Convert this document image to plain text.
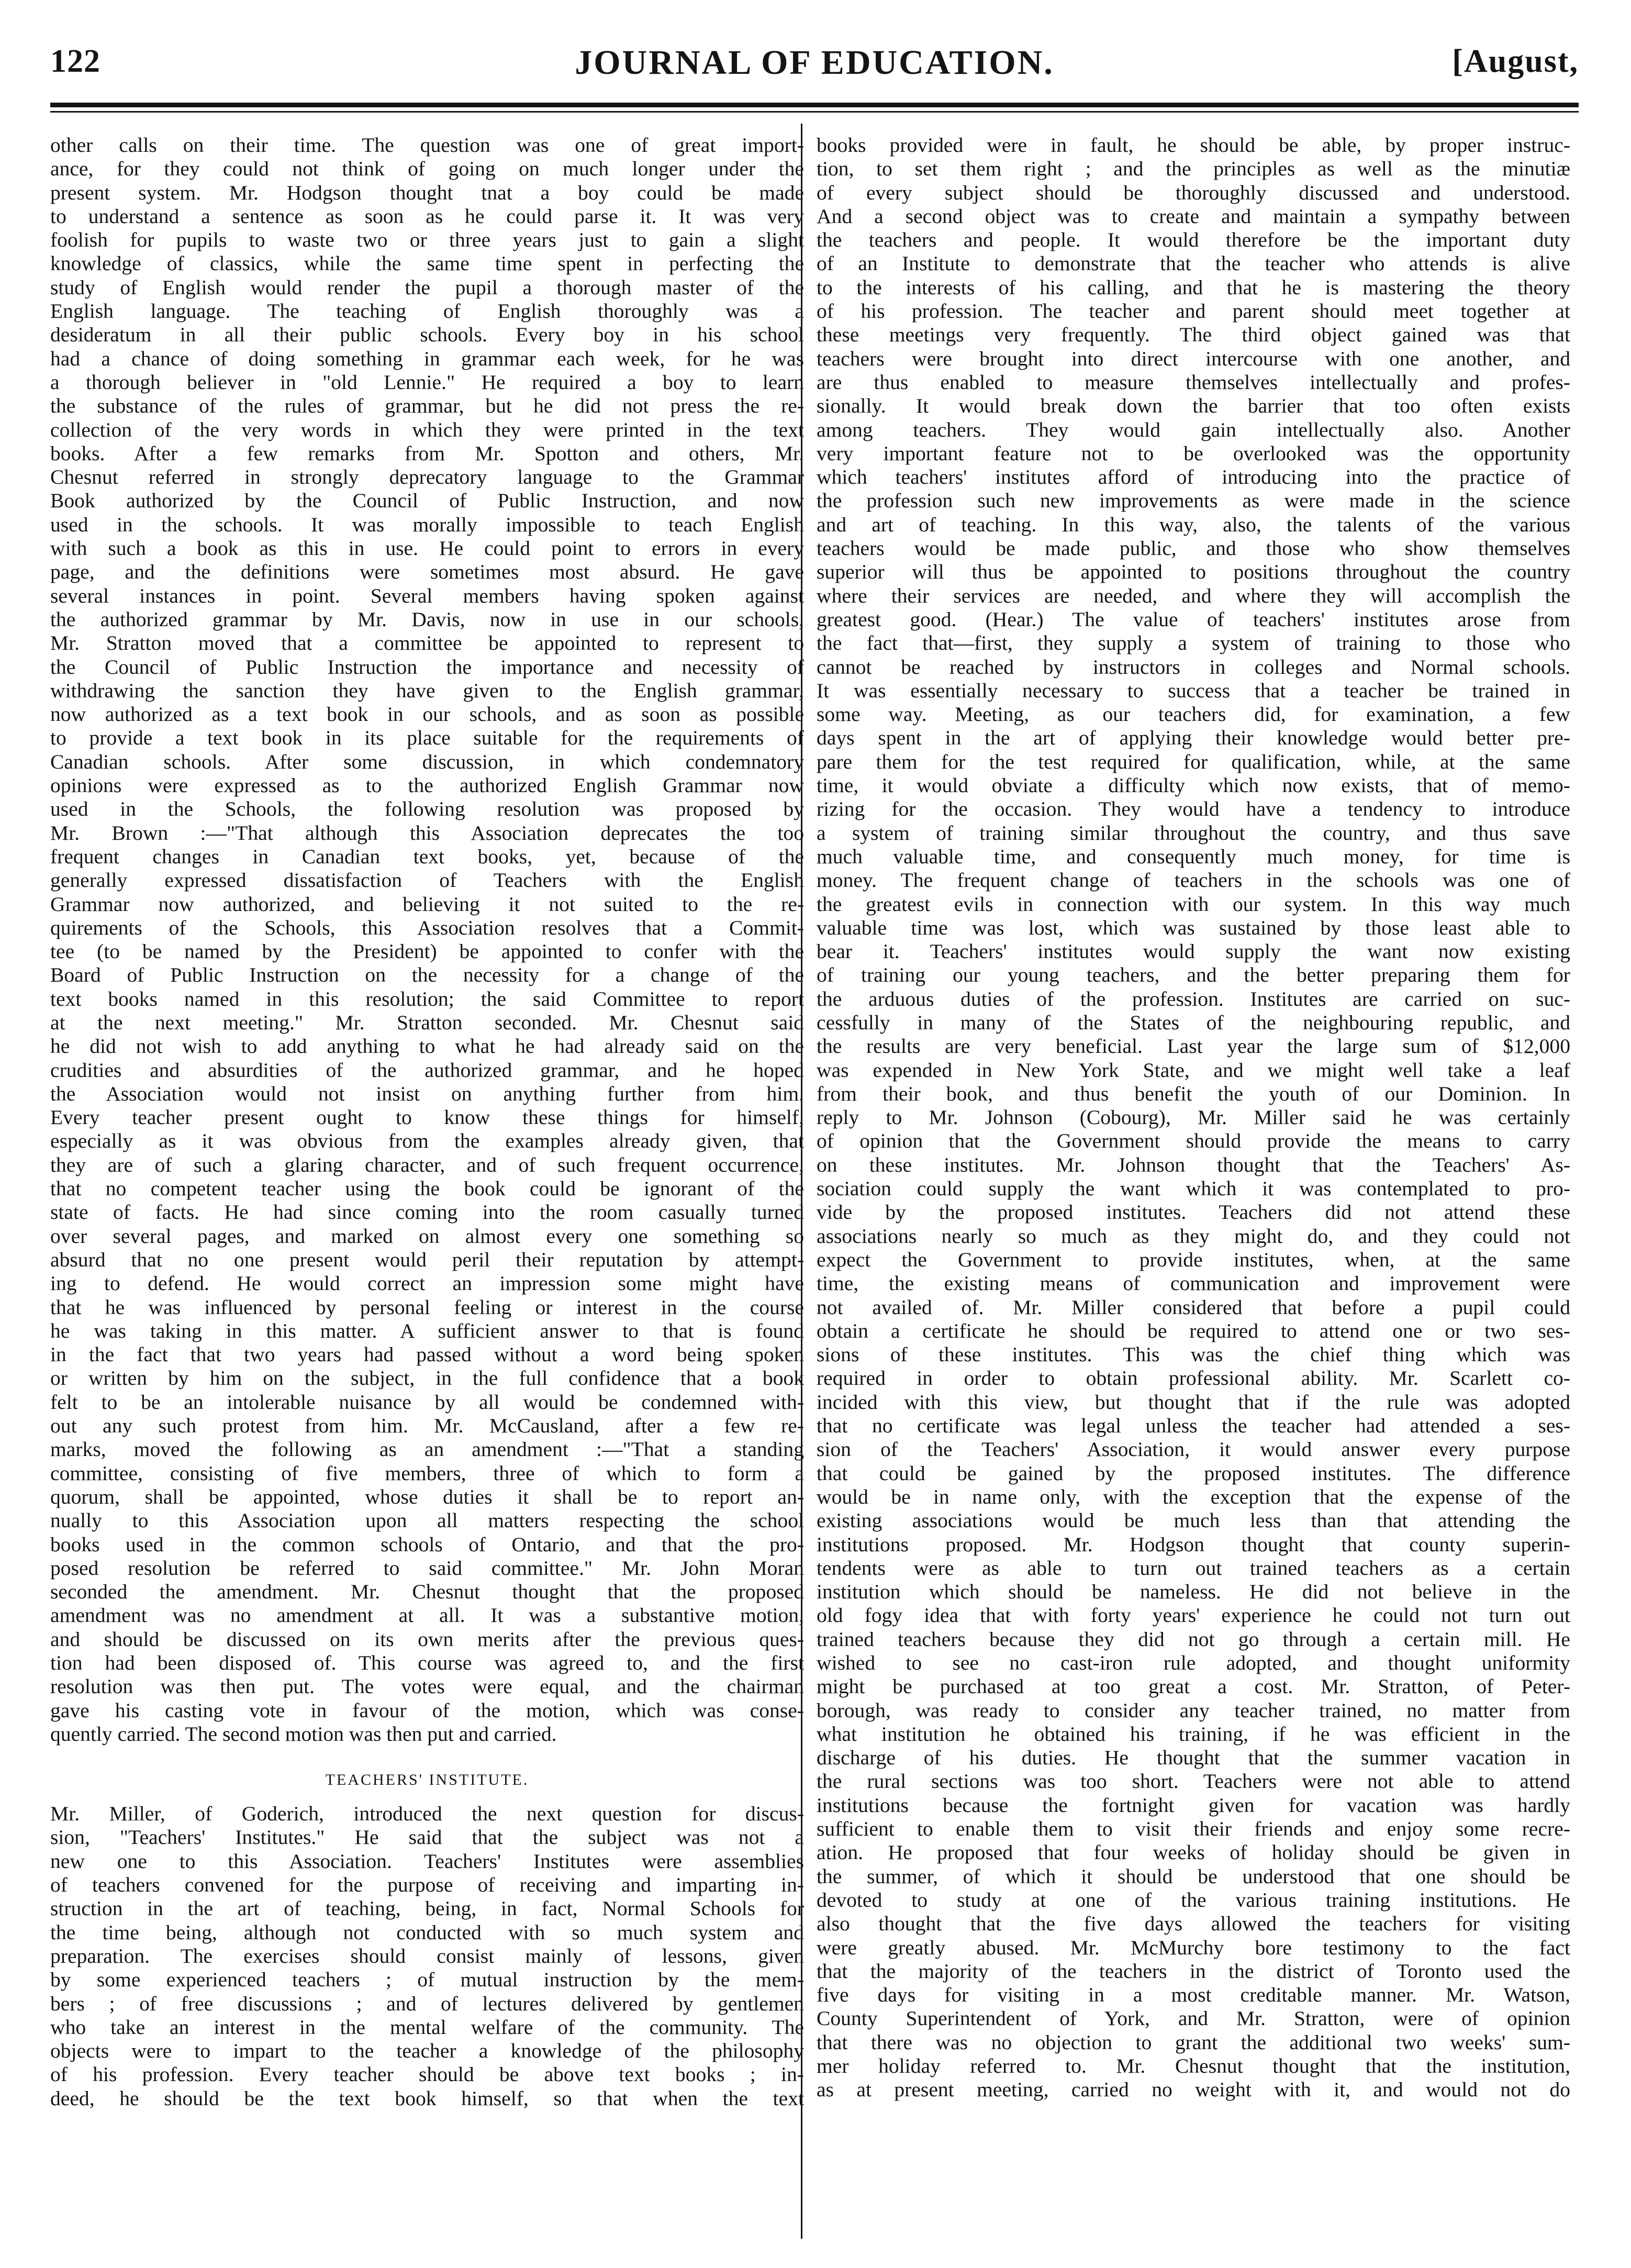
122	JOURNAL OF EDUCATION.	[August,
other calls on their time. The question was one of great import-
ance, for they could not think of going on much longer under the
present system. Mr. Hodgson thought tnat a boy could be made
to understand a sentence as soon as he could parse it. It was very
foolish for pupils to waste two or three years just to gain a slight
knowledge of classics, while the same time spent in perfecting the
study of English would render the pupil a thorough master of the
English language. The teaching of English thoroughly was a
desideratum in all their public schools. Every boy in his school
had a chance of doing something in grammar each week, for he was
a thorough believer in "old Lennie." He required a boy to learn
the substance of the rules of grammar, but he did not press the re-
collection of the very words in which they were printed in the text
books. After a few remarks from Mr. Spotton and others, Mr.
Chesnut referred in strongly deprecatory language to the Grammar
Book authorized by the Council of Public Instruction, and now
used in the schools. It was morally impossible to teach English
with such a book as this in use. He could point to errors in every
page, and the definitions were sometimes most absurd. He gave
several instances in point. Several members having spoken against
the authorized grammar by Mr. Davis, now in use in our schools,
Mr. Stratton moved that a committee be appointed to represent to
the Council of Public Instruction the importance and necessity of
withdrawing the sanction they have given to the English grammar,
now authorized as a text book in our schools, and as soon as possible
to provide a text book in its place suitable for the requirements of
Canadian schools. After some discussion, in which condemnatory
opinions were expressed as to the authorized English Grammar now
used in the Schools, the following resolution was proposed by
Mr. Brown :—"That although this Association deprecates the too
frequent changes in Canadian text books, yet, because of the
generally expressed dissatisfaction of Teachers with the English
Grammar now authorized, and believing it not suited to the re-
quirements of the Schools, this Association resolves that a Commit-
tee (to be named by the President) be appointed to confer with the
Board of Public Instruction on the necessity for a change of the
text books named in this resolution; the said Committee to report
at the next meeting." Mr. Stratton seconded. Mr. Chesnut said
he did not wish to add anything to what he had already said on the
crudities and absurdities of the authorized grammar, and he hoped
the Association would not insist on anything further from him.
Every teacher present ought to know these things for himself,
especially as it was obvious from the examples already given, that
they are of such a glaring character, and of such frequent occurrence,
that no competent teacher using the book could be ignorant of the
state of facts. He had since coming into the room casually turned
over several pages, and marked on almost every one something so
absurd that no one present would peril their reputation by attempt-
ing to defend. He would correct an impression some might have
that he was influenced by personal feeling or interest in the course
he was taking in this matter. A sufficient answer to that is found
in the fact that two years had passed without a word being spoken
or written by him on the subject, in the full confidence that a book
felt to be an intolerable nuisance by all would be condemned with-
out any such protest from him. Mr. McCausland, after a few re-
marks, moved the following as an amendment :—"That a standing
committee, consisting of five members, three of which to form a
quorum, shall be appointed, whose duties it shall be to report an-
nually to this Association upon all matters respecting the school
books used in the common schools of Ontario, and that the pro-
posed resolution be referred to said committee." Mr. John Moran
seconded the amendment. Mr. Chesnut thought that the proposed
amendment was no amendment at all. It was a substantive motion,
and should be discussed on its own merits after the previous ques-
tion had been disposed of. This course was agreed to, and the first
resolution was then put. The votes were equal, and the chairman
gave his casting vote in favour of the motion, which was conse-
quently carried. The second motion was then put and carried.
TEACHERS' INSTITUTE.
Mr. Miller, of Goderich, introduced the next question for discus-
sion, "Teachers' Institutes." He said that the subject was not a
new one to this Association. Teachers' Institutes were assemblies
of teachers convened for the purpose of receiving and imparting in-
struction in the art of teaching, being, in fact, Normal Schools for
the time being, although not conducted with so much system and
preparation. The exercises should consist mainly of lessons, given
by some experienced teachers ; of mutual instruction by the mem-
bers ; of free discussions ; and of lectures delivered by gentlemen
who take an interest in the mental welfare of the community. The
objects were to impart to the teacher a knowledge of the philosophy
of his profession. Every teacher should be above text books ; in-
deed, he should be the text book himself, so that when the text
books provided were in fault, he should be able, by proper instruc-
tion, to set them right ; and the principles as well as the minutiæ
of every subject should be thoroughly discussed and understood.
And a second object was to create and maintain a sympathy between
the teachers and people. It would therefore be the important duty
of an Institute to demonstrate that the teacher who attends is alive
to the interests of his calling, and that he is mastering the theory
of his profession. The teacher and parent should meet together at
these meetings very frequently. The third object gained was that
teachers were brought into direct intercourse with one another, and
are thus enabled to measure themselves intellectually and profes-
sionally. It would break down the barrier that too often exists
among teachers. They would gain intellectually also. Another
very important feature not to be overlooked was the opportunity
which teachers' institutes afford of introducing into the practice of
the profession such new improvements as were made in the science
and art of teaching. In this way, also, the talents of the various
teachers would be made public, and those who show themselves
superior will thus be appointed to positions throughout the country
where their services are needed, and where they will accomplish the
greatest good. (Hear.) The value of teachers' institutes arose from
the fact that—first, they supply a system of training to those who
cannot be reached by instructors in colleges and Normal schools.
It was essentially necessary to success that a teacher be trained in
some way. Meeting, as our teachers did, for examination, a few
days spent in the art of applying their knowledge would better pre-
pare them for the test required for qualification, while, at the same
time, it would obviate a difficulty which now exists, that of memo-
rizing for the occasion. They would have a tendency to introduce
a system of training similar throughout the country, and thus save
much valuable time, and consequently much money, for time is
money. The frequent change of teachers in the schools was one of
the greatest evils in connection with our system. In this way much
valuable time was lost, which was sustained by those least able to
bear it. Teachers' institutes would supply the want now existing
of training our young teachers, and the better preparing them for
the arduous duties of the profession. Institutes are carried on suc-
cessfully in many of the States of the neighbouring republic, and
the results are very beneficial. Last year the large sum of $12,000
was expended in New York State, and we might well take a leaf
from their book, and thus benefit the youth of our Dominion. In
reply to Mr. Johnson (Cobourg), Mr. Miller said he was certainly
of opinion that the Government should provide the means to carry
on these institutes. Mr. Johnson thought that the Teachers' As-
sociation could supply the want which it was contemplated to pro-
vide by the proposed institutes. Teachers did not attend these
associations nearly so much as they might do, and they could not
expect the Government to provide institutes, when, at the same
time, the existing means of communication and improvement were
not availed of. Mr. Miller considered that before a pupil could
obtain a certificate he should be required to attend one or two ses-
sions of these institutes. This was the chief thing which was
required in order to obtain professional ability. Mr. Scarlett co-
incided with this view, but thought that if the rule was adopted
that no certificate was legal unless the teacher had attended a ses-
sion of the Teachers' Association, it would answer every purpose
that could be gained by the proposed institutes. The difference
would be in name only, with the exception that the expense of the
existing associations would be much less than that attending the
institutions proposed. Mr. Hodgson thought that county superin-
tendents were as able to turn out trained teachers as a certain
institution which should be nameless. He did not believe in the
old fogy idea that with forty years' experience he could not turn out
trained teachers because they did not go through a certain mill. He
wished to see no cast-iron rule adopted, and thought uniformity
might be purchased at too great a cost. Mr. Stratton, of Peter-
borough, was ready to consider any teacher trained, no matter from
what institution he obtained his training, if he was efficient in the
discharge of his duties. He thought that the summer vacation in
the rural sections was too short. Teachers were not able to attend
institutions because the fortnight given for vacation was hardly
sufficient to enable them to visit their friends and enjoy some recre-
ation. He proposed that four weeks of holiday should be given in
the summer, of which it should be understood that one should be
devoted to study at one of the various training institutions. He
also thought that the five days allowed the teachers for visiting
were greatly abused. Mr. McMurchy bore testimony to the fact
that the majority of the teachers in the district of Toronto used the
five days for visiting in a most creditable manner. Mr. Watson,
County Superintendent of York, and Mr. Stratton, were of opinion
that there was no objection to grant the additional two weeks' sum-
mer holiday referred to. Mr. Chesnut thought that the institution,
as at present meeting, carried no weight with it, and would not do
